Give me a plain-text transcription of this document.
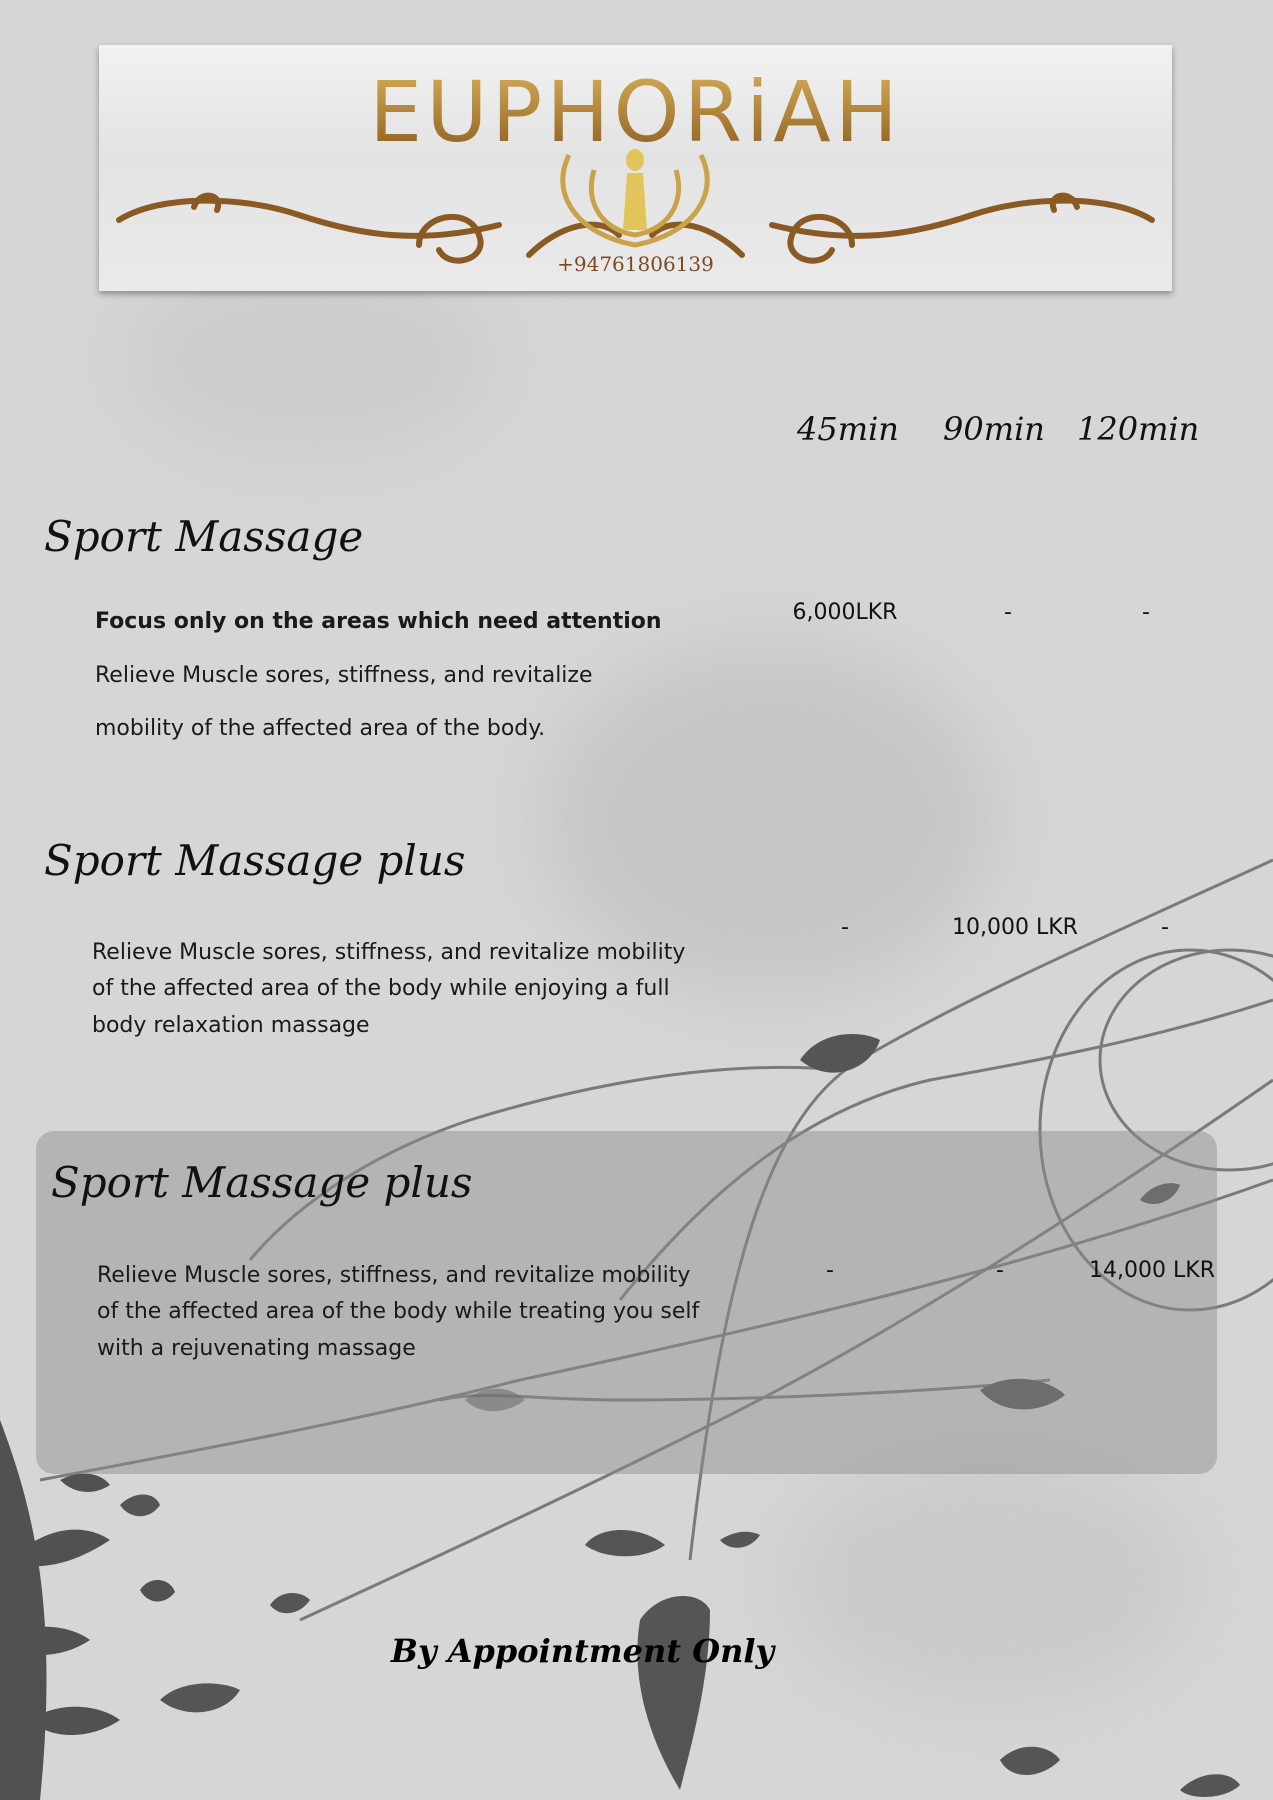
EUPHORiAH
+94761806139
45min 90min 120min
Sport Massage
Focus only on the areas which need attention
Relieve Muscle sores, stiffness, and revitalize
mobility of the affected area of the body.
6,000LKR	-	-
Sport Massage plus
Relieve Muscle sores, stiffness, and revitalize mobility
of the affected area of the body while enjoying a full
body relaxation massage
-	10,000 LKR	-
Sport Massage plus
Relieve Muscle sores, stiffness, and revitalize mobility
of the affected area of the body while treating you self
with a rejuvenating massage
-	-	14,000 LKR
By Appointment Only
